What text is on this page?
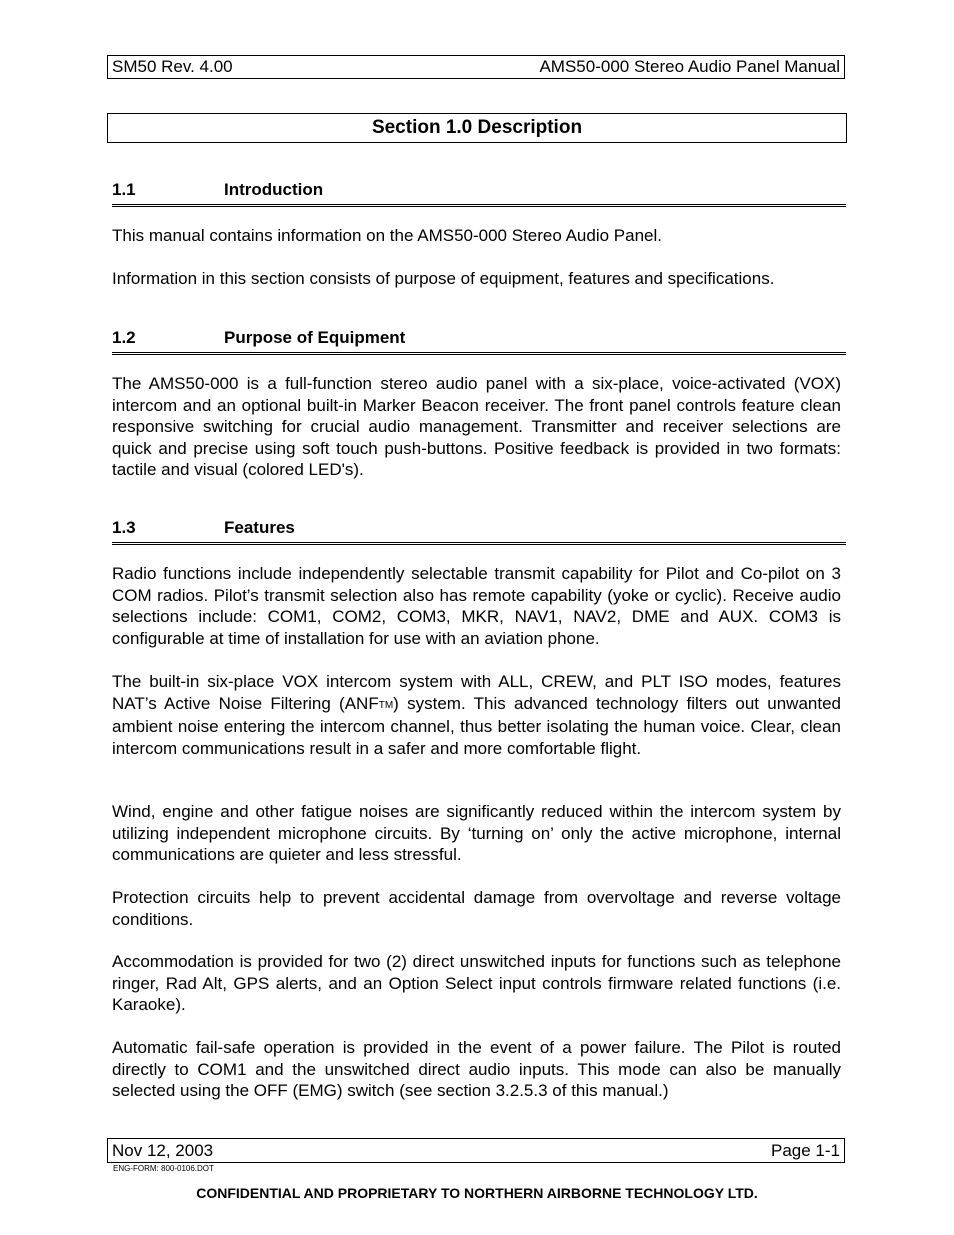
SM50 Rev. 4.00	AMS50-000 Stereo Audio Panel Manual
Section 1.0 Description
1.1	Introduction

This manual contains information on the AMS50-000 Stereo Audio Panel.

Information in this section consists of purpose of equipment, features and specifications.

1.2	Purpose of Equipment

The AMS50-000 is a full-function stereo audio panel with a six-place, voice-activated (VOX) intercom and an optional built-in Marker Beacon receiver. The front panel controls feature clean responsive switching for crucial audio management. Transmitter and receiver selections are quick and precise using soft touch push-buttons. Positive feedback is provided in two formats: tactile and visual (colored LED's).

1.3	Features

Radio functions include independently selectable transmit capability for Pilot and Co-pilot on 3 COM radios. Pilot’s transmit selection also has remote capability (yoke or cyclic). Receive audio selections include: COM1, COM2, COM3, MKR, NAV1, NAV2, DME and AUX. COM3 is configurable at time of installation for use with an aviation phone.

The built-in six-place VOX intercom system with ALL, CREW, and PLT ISO modes, features NAT’s Active Noise Filtering (ANFTM) system. This advanced technology filters out unwanted ambient noise entering the intercom channel, thus better isolating the human voice. Clear, clean intercom communications result in a safer and more comfortable flight.

Wind, engine and other fatigue noises are significantly reduced within the intercom system by utilizing independent microphone circuits. By ‘turning on’ only the active microphone, internal communications are quieter and less stressful.

Protection circuits help to prevent accidental damage from overvoltage and reverse voltage conditions.

Accommodation is provided for two (2) direct unswitched inputs for functions such as telephone ringer, Rad Alt, GPS alerts, and an Option Select input controls firmware related functions (i.e. Karaoke).

Automatic fail-safe operation is provided in the event of a power failure. The Pilot is routed directly to COM1 and the unswitched direct audio inputs. This mode can also be manually selected using the OFF (EMG) switch (see section 3.2.5.3 of this manual.)

Nov 12, 2003	Page 1-1
ENG-FORM: 800-0106.DOT
CONFIDENTIAL AND PROPRIETARY TO NORTHERN AIRBORNE TECHNOLOGY LTD.
